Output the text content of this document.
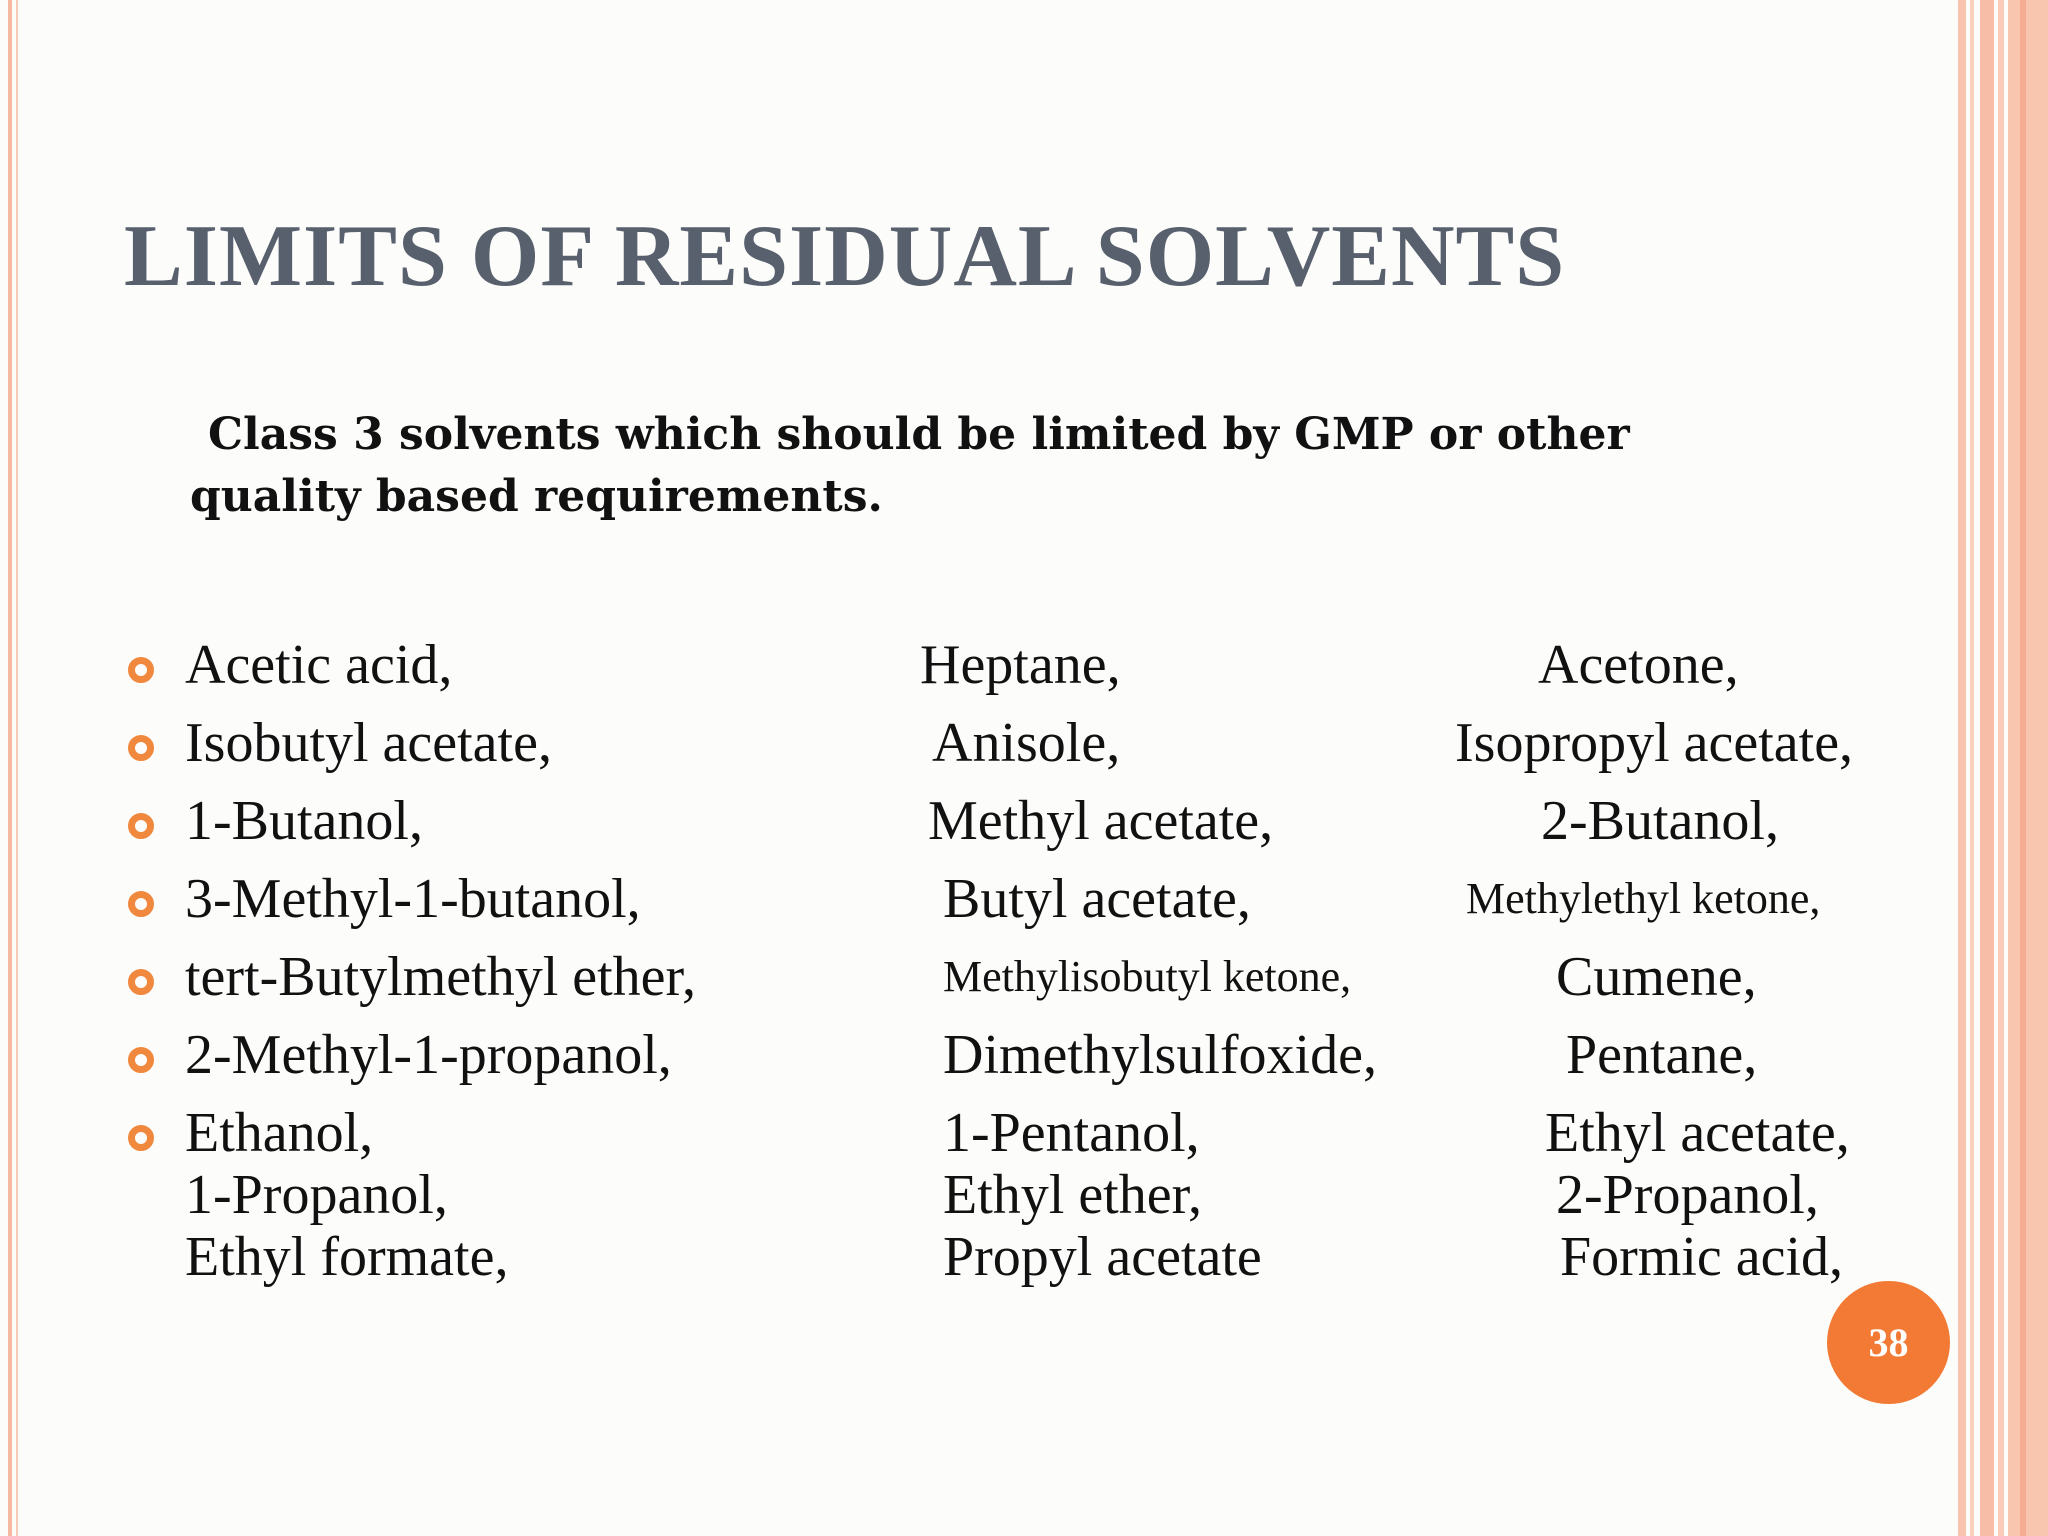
LIMITS OF RESIDUAL SOLVENTS

Class 3 solvents which should be limited by GMP or other
quality based requirements.

Acetic acid,

Isobutyl acetate,

1-Butanol,

3-Methyl-1-butanol,

tert-Butylmethyl ether,

2-Methyl-1-propanol,

Ethanol,

1-Propanol,

Ethyl formate,

Heptane,

Anisole,

Methyl acetate,

Butyl acetate,

Methylisobutyl ketone,

Dimethylsulfoxide,

1-Pentanol,

Ethyl ether,

Propyl acetate

Acetone,

Isopropyl acetate,

2-Butanol,

Methylethyl ketone,

Cumene,

Pentane,

Ethyl acetate,

2-Propanol,

Formic acid,

38
